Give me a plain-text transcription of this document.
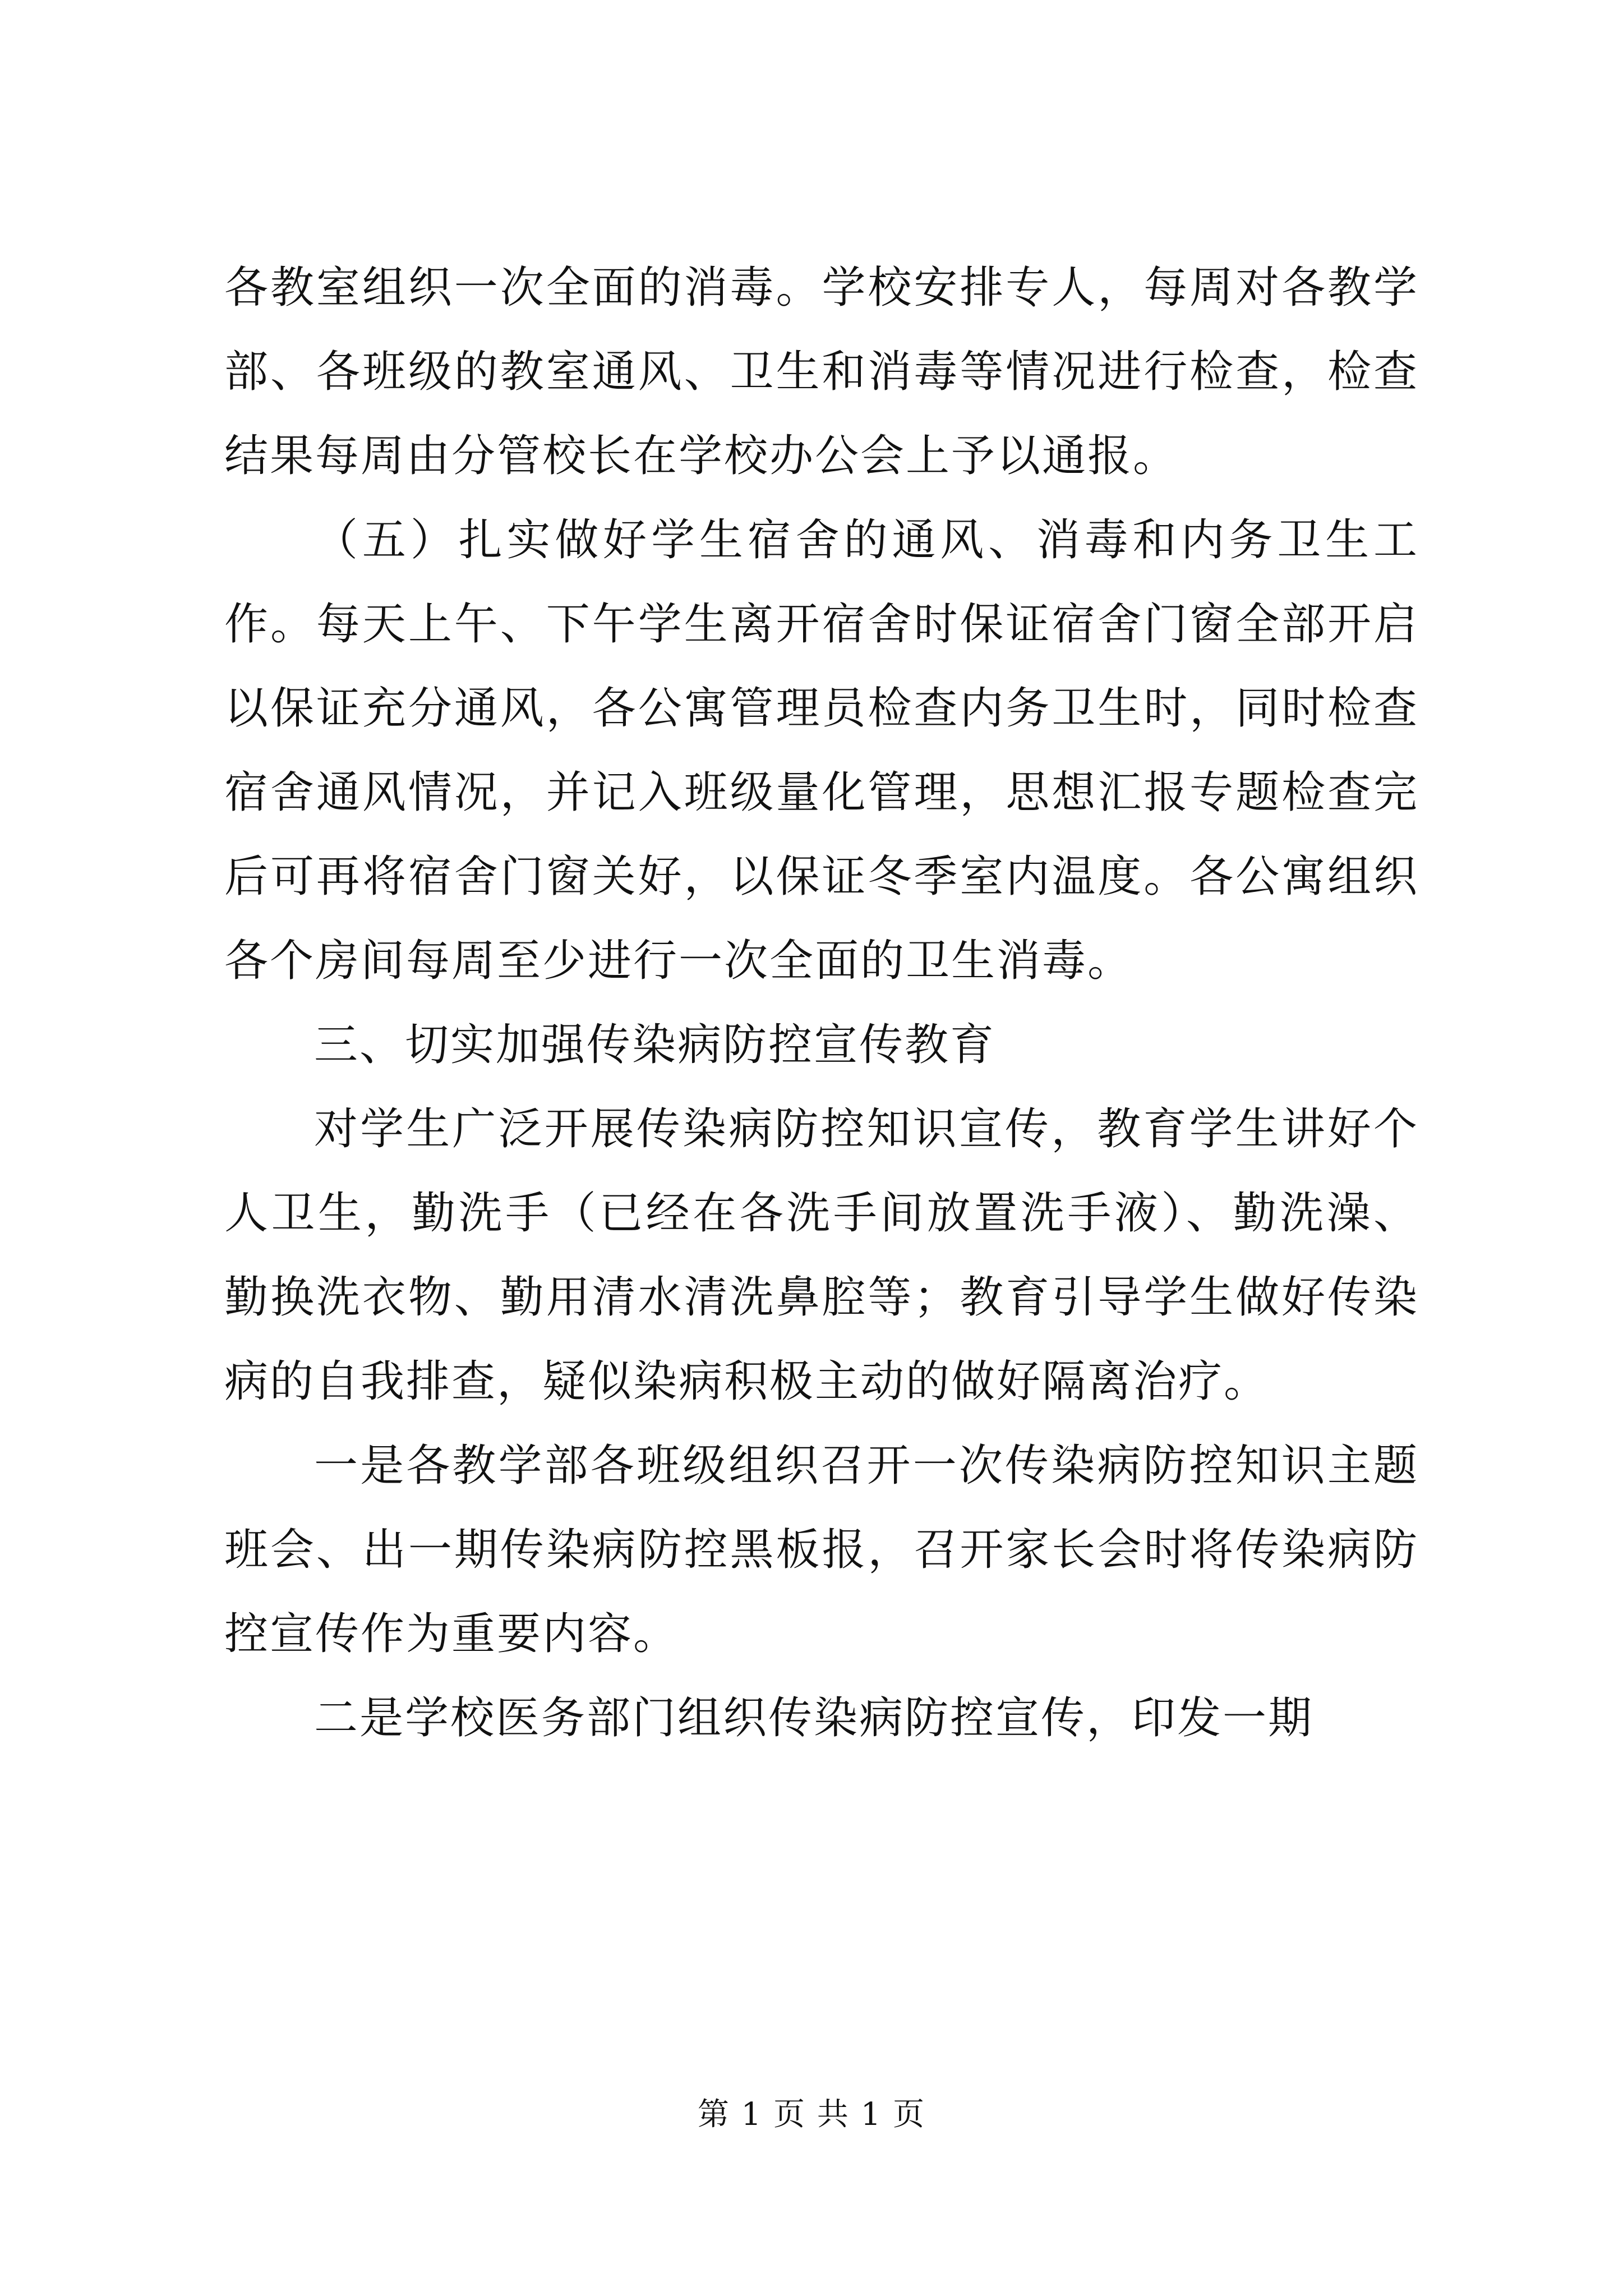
各教室组织一次全面的消毒。学校安排专人，每周对各教学部、各班级的教室通风、卫生和消毒等情况进行检查，检查结果每周由分管校长在学校办公会上予以通报。

（五）扎实做好学生宿舍的通风、消毒和内务卫生工作。每天上午、下午学生离开宿舍时保证宿舍门窗全部开启以保证充分通风，各公寓管理员检查内务卫生时，同时检查宿舍通风情况，并记入班级量化管理，思想汇报专题检查完后可再将宿舍门窗关好，以保证冬季室内温度。各公寓组织各个房间每周至少进行一次全面的卫生消毒。

三、切实加强传染病防控宣传教育

对学生广泛开展传染病防控知识宣传，教育学生讲好个人卫生，勤洗手（已经在各洗手间放置洗手液）、勤洗澡、勤换洗衣物、勤用清水清洗鼻腔等；教育引导学生做好传染病的自我排查，疑似染病积极主动的做好隔离治疗。

一是各教学部各班级组织召开一次传染病防控知识主题班会、出一期传染病防控黑板报，召开家长会时将传染病防控宣传作为重要内容。

二是学校医务部门组织传染病防控宣传，印发一期

第 1 页 共 1 页
